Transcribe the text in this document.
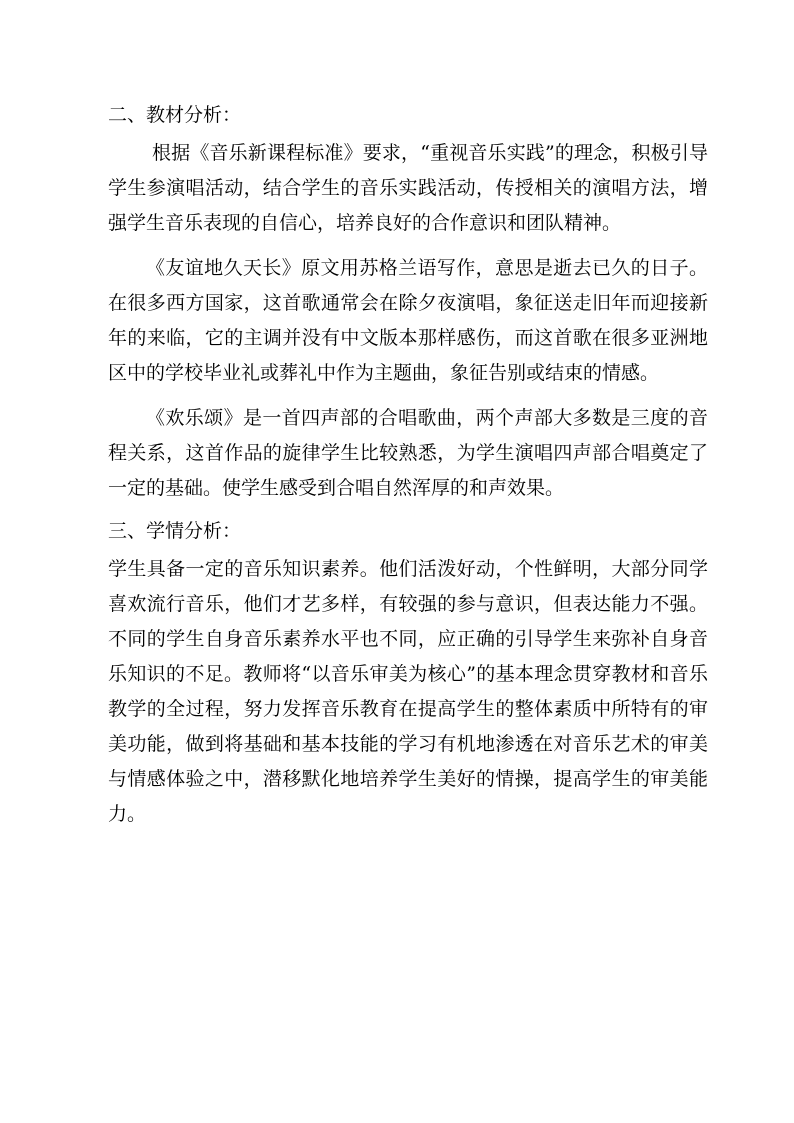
二、教材分析：

根据《音乐新课程标准》要求，“重视音乐实践”的理念，积极引导学生参演唱活动，结合学生的音乐实践活动，传授相关的演唱方法，增强学生音乐表现的自信心，培养良好的合作意识和团队精神。

《友谊地久天长》原文用苏格兰语写作，意思是逝去已久的日子。在很多西方国家，这首歌通常会在除夕夜演唱，象征送走旧年而迎接新年的来临，它的主调并没有中文版本那样感伤，而这首歌在很多亚洲地区中的学校毕业礼或葬礼中作为主题曲，象征告别或结束的情感。

《欢乐颂》是一首四声部的合唱歌曲，两个声部大多数是三度的音程关系，这首作品的旋律学生比较熟悉，为学生演唱四声部合唱奠定了一定的基础。使学生感受到合唱自然浑厚的和声效果。

三、学情分析：

学生具备一定的音乐知识素养。他们活泼好动，个性鲜明，大部分同学喜欢流行音乐，他们才艺多样，有较强的参与意识，但表达能力不强。不同的学生自身音乐素养水平也不同，应正确的引导学生来弥补自身音乐知识的不足。教师将“以音乐审美为核心”的基本理念贯穿教材和音乐教学的全过程，努力发挥音乐教育在提高学生的整体素质中所特有的审美功能，做到将基础和基本技能的学习有机地渗透在对音乐艺术的审美与情感体验之中，潜移默化地培养学生美好的情操，提高学生的审美能力。
